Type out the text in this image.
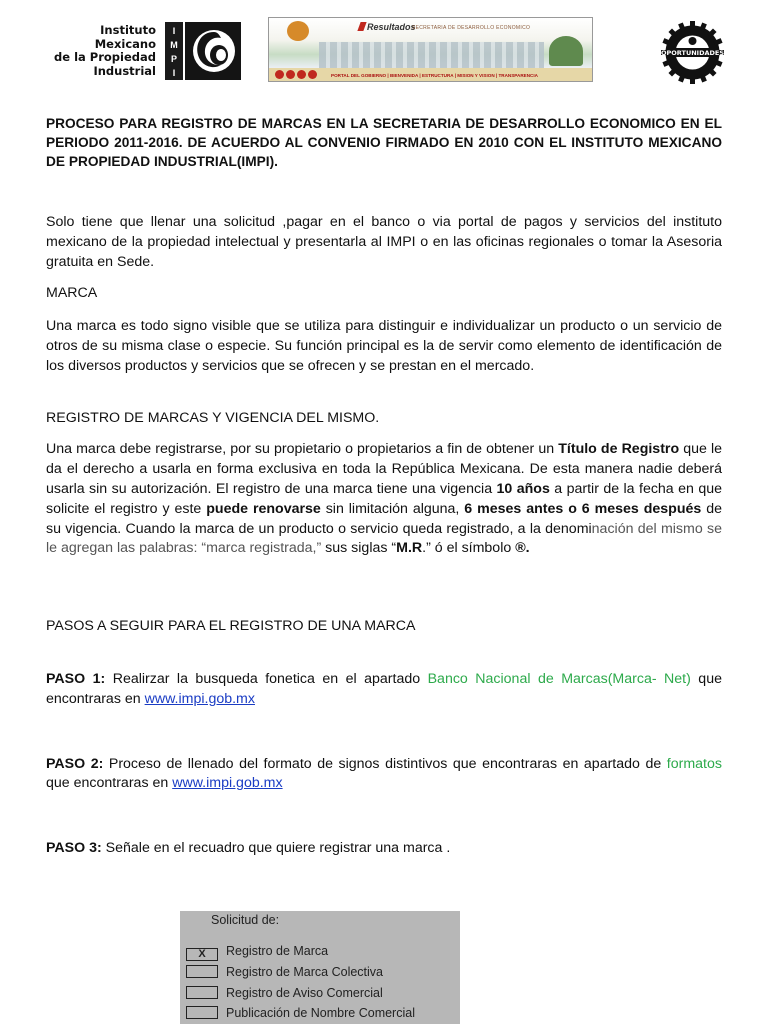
Instituto
Mexicano
de la Propiedad
Industrial
I
M
P
I
Resultados
SECRETARIA DE DESARROLLO ECONOMICO
PORTAL DEL GOBIERNO | BIENVENIDA | ESTRUCTURA | MISION Y VISION | TRANSPARENCIA
OPORTUNIDADES

PROCESO PARA REGISTRO DE MARCAS EN LA SECRETARIA DE DESARROLLO ECONOMICO EN EL PERIODO 2011-2016. DE ACUERDO AL CONVENIO FIRMADO EN 2010 CON EL INSTITUTO MEXICANO DE PROPIEDAD INDUSTRIAL(IMPI).

Solo tiene que llenar una solicitud ,pagar en el banco o via portal de pagos y servicios del instituto mexicano de la propiedad intelectual y presentarla al IMPI o en las oficinas regionales o tomar la Asesoria gratuita en Sede.

MARCA

Una marca es todo signo visible que se utiliza para distinguir e individualizar un producto o un servicio de otros de su misma clase o especie. Su función principal es la de servir como elemento de identificación de los diversos productos y servicios que se ofrecen y se prestan en el mercado.

REGISTRO DE MARCAS Y VIGENCIA DEL MISMO.

Una marca debe registrarse, por su propietario o propietarios a fin de obtener un Título de Registro que le da el derecho a usarla en forma exclusiva en toda la República Mexicana. De esta manera nadie deberá usarla sin su autorización. El registro de una marca tiene una vigencia 10 años a partir de la fecha en que solicite el registro y este puede renovarse sin limitación alguna, 6 meses antes o 6 meses después de su vigencia. Cuando la marca de un producto o servicio queda registrado, a la denominación del mismo se le agregan las palabras: “marca registrada,” sus siglas “M.R.” ó el símbolo ®.

PASOS A SEGUIR PARA EL REGISTRO DE UNA MARCA

PASO 1: Realirzar la busqueda fonetica en el apartado Banco Nacional de Marcas(Marca- Net) que encontraras en www.impi.gob.mx

PASO 2: Proceso de llenado del formato de signos distintivos que encontraras en apartado de formatos que encontraras en www.impi.gob.mx

PASO 3: Señale en el recuadro que quiere registrar una marca .

Solicitud de:
X Registro de Marca
Registro de Marca Colectiva
Registro de Aviso Comercial
Publicación de Nombre Comercial
